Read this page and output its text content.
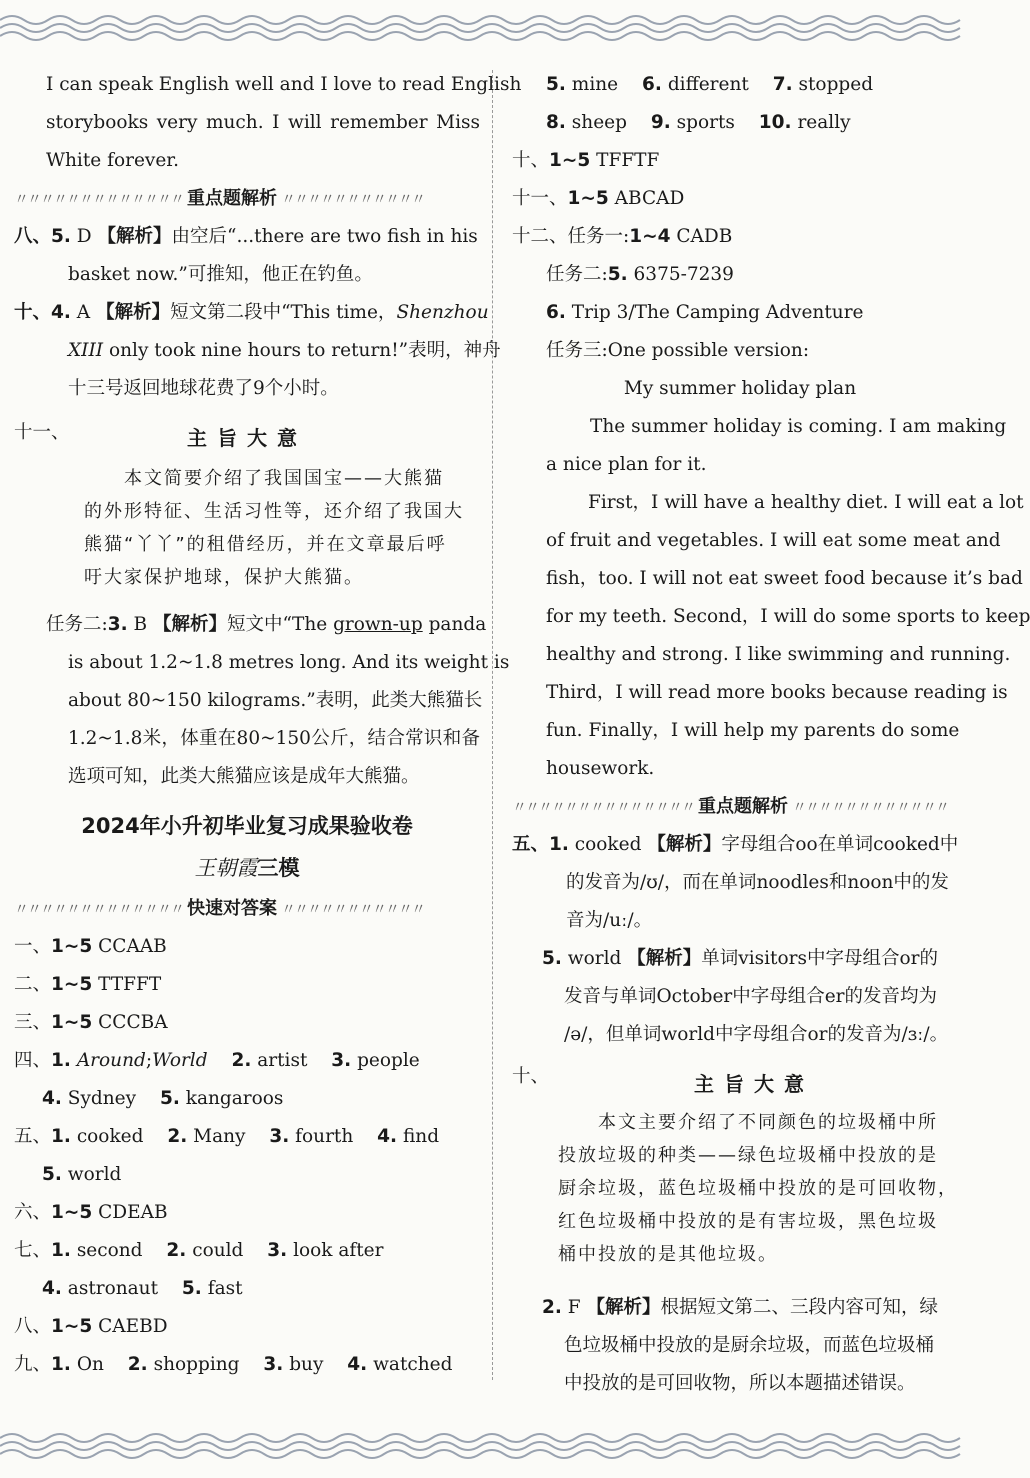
I can speak English well and I love to read English
storybooks very much. I will remember Miss
White forever.
〃〃〃〃〃〃〃〃〃〃〃〃〃 重点题解析 〃〃〃〃〃〃〃〃〃〃〃
八、5. D 【解析】由空后“...there are two fish in his
basket now.”可推知，他正在钓鱼。
十、4. A 【解析】短文第二段中“This time，Shenzhou
XIII only took nine hours to return!”表明，神舟
十三号返回地球花费了9个小时。
十一、	主旨大意
本文简要介绍了我国国宝——大熊猫
的外形特征、生活习性等，还介绍了我国大
熊猫“丫丫”的租借经历，并在文章最后呼
吁大家保护地球，保护大熊猫。
任务二:3. B 【解析】短文中“The grown-up panda
is about 1.2~1.8 metres long. And its weight is
about 80~150 kilograms.”表明，此类大熊猫长
1.2~1.8米，体重在80~150公斤，结合常识和备
选项可知，此类大熊猫应该是成年大熊猫。
2024年小升初毕业复习成果验收卷
王朝霞三模
〃〃〃〃〃〃〃〃〃〃〃〃〃 快速对答案 〃〃〃〃〃〃〃〃〃〃〃
一、1~5 CCAAB
二、1~5 TTFFT
三、1~5 CCCBA
四、1. Around;World 2. artist 3. people
4. Sydney 5. kangaroos
五、1. cooked 2. Many 3. fourth 4. find
5. world
六、1~5 CDEAB
七、1. second 2. could 3. look after
4. astronaut 5. fast
八、1~5 CAEBD
九、1. On 2. shopping 3. buy 4. watched
5. mine 6. different 7. stopped
8. sheep 9. sports 10. really
十、1~5 TFFTF
十一、1~5 ABCAD
十二、任务一:1~4 CADB
任务二:5. 6375-7239
6. Trip 3/The Camping Adventure
任务三:One possible version:
My summer holiday plan
The summer holiday is coming. I am making
a nice plan for it.
First，I will have a healthy diet. I will eat a lot
of fruit and vegetables. I will eat some meat and
fish，too. I will not eat sweet food because it’s bad
for my teeth. Second，I will do some sports to keep
healthy and strong. I like swimming and running.
Third，I will read more books because reading is
fun. Finally，I will help my parents do some
housework.
〃〃〃〃〃〃〃〃〃〃〃〃〃〃 重点题解析 〃〃〃〃〃〃〃〃〃〃〃〃
五、1. cooked 【解析】字母组合oo在单词cooked中
的发音为/ʊ/，而在单词noodles和noon中的发
音为/uː/。
5. world 【解析】单词visitors中字母组合or的
发音与单词October中字母组合er的发音均为
/ə/，但单词world中字母组合or的发音为/ɜː/。
十、	主旨大意
本文主要介绍了不同颜色的垃圾桶中所
投放垃圾的种类——绿色垃圾桶中投放的是
厨余垃圾，蓝色垃圾桶中投放的是可回收物，
红色垃圾桶中投放的是有害垃圾，黑色垃圾
桶中投放的是其他垃圾。
2. F 【解析】根据短文第二、三段内容可知，绿
色垃圾桶中投放的是厨余垃圾，而蓝色垃圾桶
中投放的是可回收物，所以本题描述错误。
